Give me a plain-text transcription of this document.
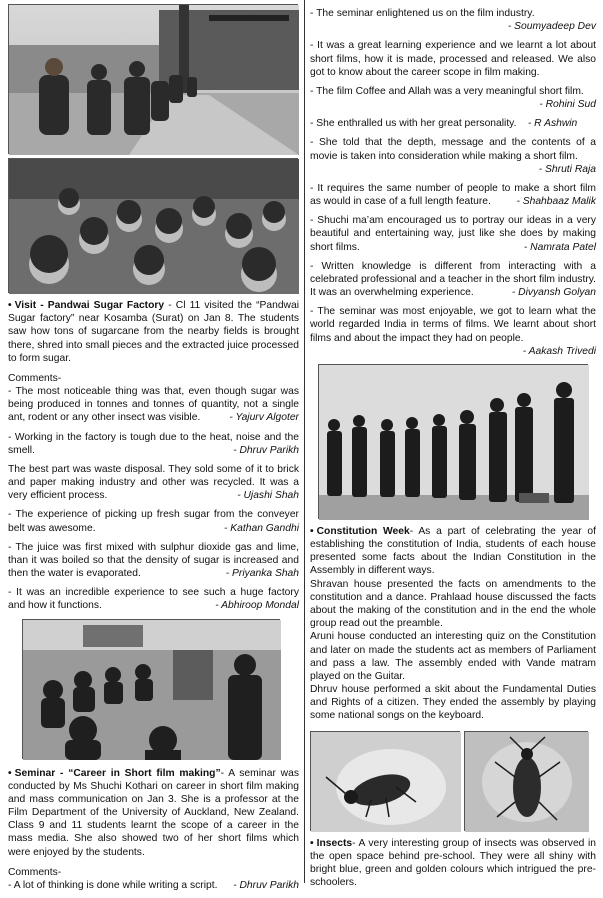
• Visit - Pandwai Sugar Factory - Cl 11 visited the “Pandwai Sugar factory” near Kosamba (Surat) on Jan 8. The students saw how tons of sugarcane from the nearby fields is brought there, shred into small pieces and the extracted juice processed to form sugar.

Comments-

- The most noticeable thing was that, even though sugar was being produced in tonnes and tonnes of quantity, not a single ant, rodent or any other insect was visible.	- Yajurv Algoter

- Working in the factory is tough due to the heat, noise and the smell.	- Dhruv Parikh

The best part was waste disposal. They sold some of it to brick and paper making industry and other was recycled. It was a very efficient process.	- Ujashi Shah

- The experience of picking up fresh sugar from the conveyer belt was awesome.	- Kathan Gandhi

- The juice was first mixed with sulphur dioxide gas and lime, than it was boiled so that the density of sugar is increased and then the water is evaporated.	- Priyanka Shah

- It was an incredible experience to see such a huge factory and how it functions.	- Abhiroop Mondal

• Seminar - “Career in Short film making”- A seminar was conducted by Ms Shuchi Kothari on career in short film making and mass communication on Jan 3. She is a professor at the Film Department of the University of Auckland, New Zealand. Class 9 and 11 students learnt the scope of a career in the mass media. She also showed two of her short films which were enjoyed by the students.

Comments-

- A lot of thinking is done while writing a script. - Dhruv Parikh

- The seminar enlightened us on the film industry.
- Soumyadeep Dev

- It was a great learning experience and we learnt a lot about short films, how it is made, processed and released. We also got to know about the career scope in film making.

- The film Coffee and Allah was a very meaningful short film.
- Rohini Sud

- She enthralled us with her great personality. - R Ashwin

- She told that the depth, message and the contents of a movie is taken into consideration while making a short film.
- Shruti Raja

- It requires the same number of people to make a short film as would in case of a full length feature. - Shahbaaz Malik

- Shuchi ma’am encouraged us to portray our ideas in a very beautiful and entertaining way, just like she does by making short films.	- Namrata Patel

- Written knowledge is different from interacting with a celebrated professional and a teacher in the short film industry. It was an overwhelming experience.	- Divyansh Golyan

- The seminar was most enjoyable, we got to learn what the world regarded India in terms of films. We learnt about short films and about the impact they had on people.
- Aakash Trivedi

• Constitution Week- As a part of celebrating the year of establishing the constitution of India, students of each house presented some facts about the Indian Constitution in the Assembly in different ways.

Shravan house presented the facts on amendments to the constitution and a dance. Prahlaad house discussed the facts about the making of the constitution and in the end the whole group read out the preamble.

Aruni house conducted an interesting quiz on the Constitution and later on made the students act as members of Parliament and pass a law. The assembly ended with Vande matram played on the Guitar.

Dhruv house performed a skit about the Fundamental Duties and Rights of a citizen. They ended the assembly by playing some national songs on the keyboard.

• Insects- A very interesting group of insects was observed in the open space behind pre-school. They were all shiny with bright blue, green and golden colours which intrigued the pre-schoolers.
